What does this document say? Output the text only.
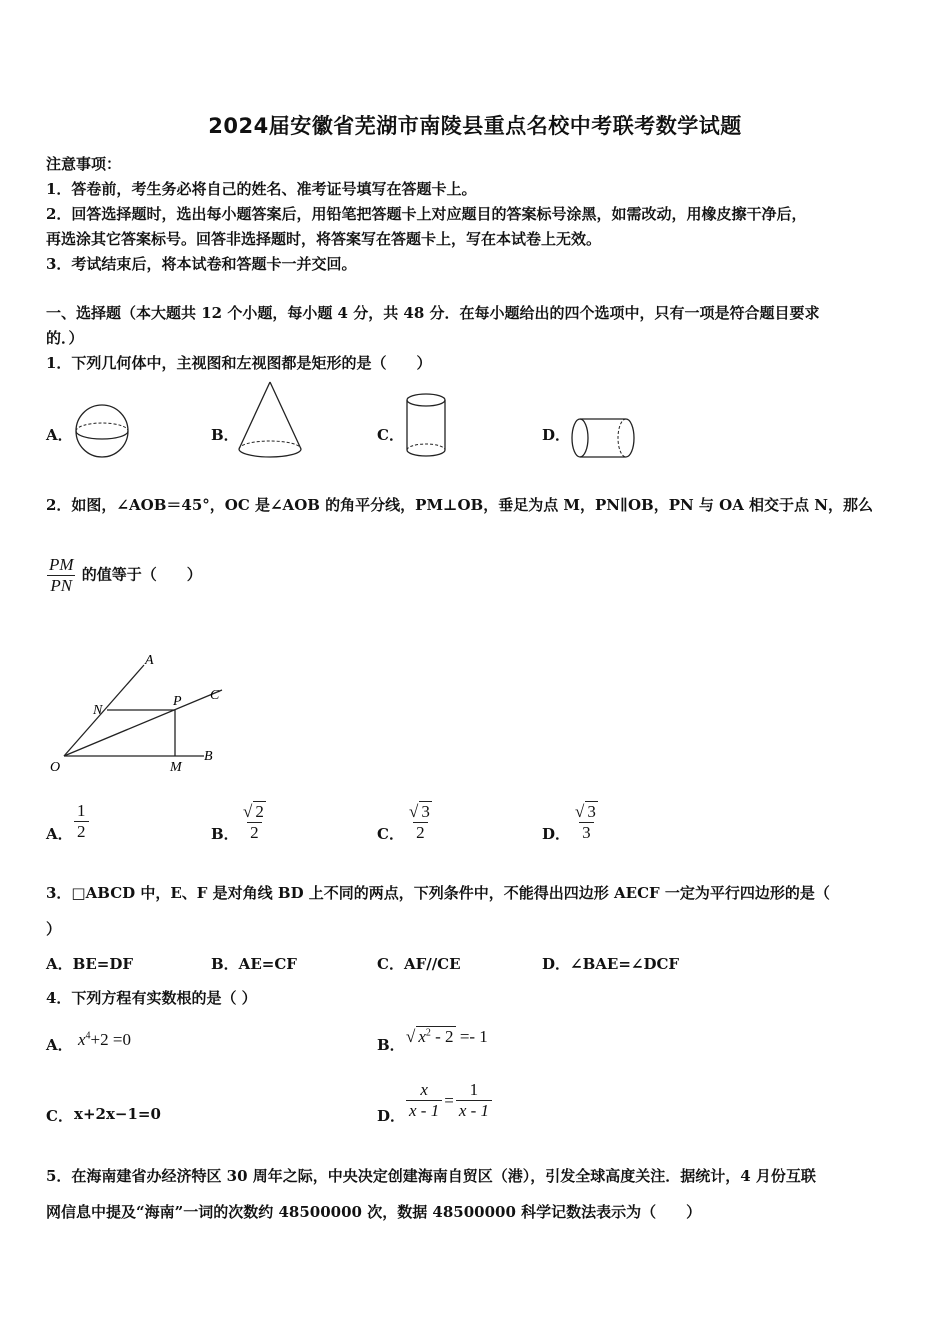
2024届安徽省芜湖市南陵县重点名校中考联考数学试题
注意事项：
1．答卷前，考生务必将自己的姓名、准考证号填写在答题卡上。
2．回答选择题时，选出每小题答案后，用铅笔把答题卡上对应题目的答案标号涂黑，如需改动，用橡皮擦干净后，
再选涂其它答案标号。回答非选择题时，将答案写在答题卡上，写在本试卷上无效。
3．考试结束后，将本试卷和答题卡一并交回。
一、选择题（本大题共 12 个小题，每小题 4 分，共 48 分．在每小题给出的四个选项中，只有一项是符合题目要求
的．）
1．下列几何体中，主视图和左视图都是矩形的是（　　）
A．	B．	C．	D．
2．如图，∠AOB＝45°，OC 是∠AOB 的角平分线，PM⊥OB，垂足为点 M，PN∥OB，PN 与 OA 相交于点 N，那么
$\frac{PM}{PN}$ 的值等于（　　）
A
C
N
P
O	M
B
A． $\frac{1}{2}$	B． $\frac{√ 2}{2}$	C． $\frac{√ 3}{2}$	D． $\frac{√ 3}{3}$
3．□ABCD 中，E、F 是对角线 BD 上不同的两点，下列条件中，不能得出四边形 AECF 一定为平行四边形的是（
）
A．BE=DF	B．AE=CF	C．AF//CE	D．∠BAE=∠DCF
4．下列方程有实数根的是（ ）
A． $x^4+2 =0$	B． √ $x^2 - 2 =- 1$
C． x+2x−1=0	D． $\frac{x}{x - 1} = \frac{1}{x - 1}$
5．在海南建省办经济特区 30 周年之际，中央决定创建海南自贸区（港），引发全球高度关注．据统计，4 月份互联
网信息中提及“海南”一词的次数约 48500000 次，数据 48500000 科学记数法表示为（　　）
